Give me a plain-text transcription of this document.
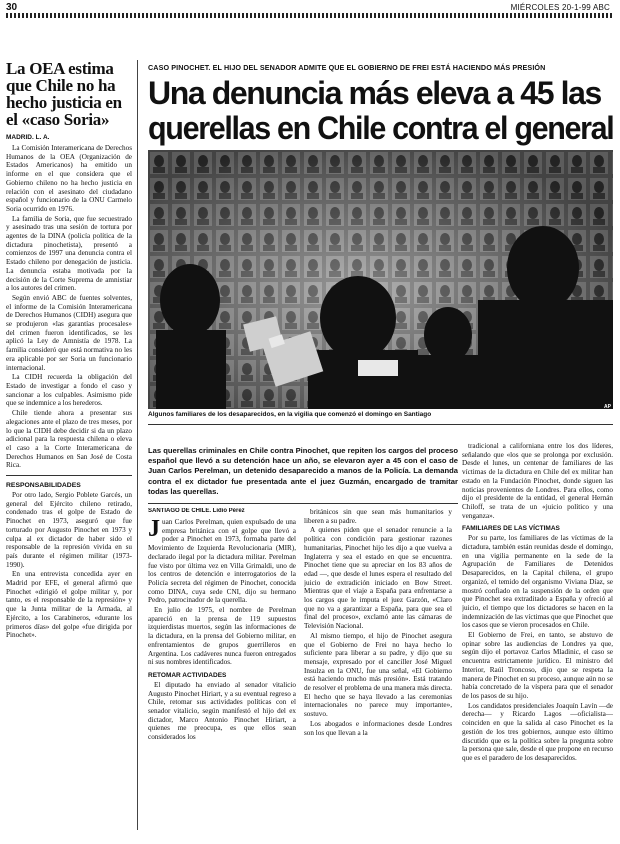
30	MIÉRCOLES 20-1-99 ABC
La OEA estima que Chile no ha hecho justicia en el «caso Soria»
MADRID. L. A.

La Comisión Interamericana de Derechos Humanos de la OEA (Organización de Estados Americanos) ha emitido un informe en el que considera que el Gobierno chileno no ha hecho justicia en relación con el asesinato del ciudadano español y funcionario de la ONU Carmelo Soria ocurrido en 1976.

La familia de Soria, que fue secuestrado y asesinado tras una sesión de tortura por agentes de la DINA (policía política de la dictadura pinochetista), presentó a comienzos de 1997 una denuncia contra el Estado chileno por denegación de justicia. La denuncia estaba motivada por la decisión de la Corte Suprema de amnistiar a los autores del crimen.

Según envió ABC de fuentes solventes, el informe de la Comisión Interamericana de Derechos Humanos (CIDH) asegura que se produjeron «las garantías procesales» del crimen fueron identificados, se les aplicó la Ley de Amnistía de 1978. La familia consideró que está normativa no les era aplicable por ser Soria un funcionario internacional.

La CIDH recuerda la obligación del Estado de investigar a fondo el caso y sancionar a los culpables. Asimismo pide que se indemnice a los herederos.

Chile tiende ahora a presentar sus alegaciones ante el plazo de tres meses, por lo que la CIDH debe decidir si da un plazo adicional para la respuesta chilena o eleva el caso a la Corte Interamericana de Derechos Humanos en San José de Costa Rica.

RESPONSABILIDADES

Por otro lado, Sergio Poblete Garcés, un general del Ejército chileno retirado, condenado tras el golpe de Estado de Pinochet en 1973, aseguró que fue torturado por Augusto Pinochet en 1973 y culpa al ex dictador de haber sido el responsable de la represión vivida en su país durante el régimen militar (1973-1990).

En una entrevista concedida ayer en Madrid por EFE, el general afirmó que Pinochet «dirigió el golpe militar y, por tanto, es el responsable de la represión» y que la Junta militar de la Armada, al Ejército, a los Carabineros, «durante los primeros días» del golpe «fue dirigida por Pinochet».

CASO PINOCHET. EL HIJO DEL SENADOR ADMITE QUE EL GOBIERNO DE FREI ESTÁ HACIENDO MÁS PRESIÓN
Una denuncia más eleva a 45 las
querellas en Chile contra el general
AP
Algunos familiares de los desaparecidos, en la vigilia que comenzó el domingo en Santiago
Las querellas criminales en Chile contra Pinochet, que repiten los cargos del proceso español que llevó a su detención hace un año, se elevaron ayer a 45 con el caso de Juan Carlos Perelman, un detenido desaparecido a manos de la Policía. La demanda contra el ex dictador fue presentada ante el juez Guzmán, encargado de tramitar todas las querellas.
SANTIAGO DE CHILE. Lidio Pérez

Juan Carlos Perelman, quien expulsado de una empresa británica con el golpe que llevó a poder a Pinochet en 1973, formaba parte del Movimiento de Izquierda Revolucionaria (MIR), declarado ilegal por la dictadura militar. Perelman fue visto por última vez en Villa Grimaldi, uno de los centros de detención e interrogatorios de la Policía secreta del régimen de Pinochet, conocida como DINA, cuya sede CNI, dijo su hermano Pedro, patrocinador de la querella.

En julio de 1975, el nombre de Perelman apareció en la prensa de 119 supuestos izquierdistas muertos, según las informaciones de la dictadura, en la prensa del Gobierno militar, en enfrentamientos de grupos guerrilleros en Argentina. Los cadáveres nunca fueron entregados ni sus nombres identificados.

RETOMAR ACTIVIDADES

El diputado ha enviado al senador vitalicio Augusto Pinochet Hiriart, y a su eventual regreso a Chile, retomar sus actividades políticas con el senador vitalicio, según manifestó el hijo del ex dictador, Marco Antonio Pinochet Hiriart, a quienes me preocupa, es que ellos sean considerados los

británicos sin que sean más humanitarios y liberen a su padre.

A quienes piden que el senador renuncie a la política con condición para gestionar razones humanitarias, Pinochet hijo les dijo a que vuelva a Inglaterra y sea el estado en que se encuentra. Pinochet tiene que su apreciar en los 83 años de edad —, que desde el lunes espera el resultado del juicio de extradición iniciado en Bow Street. Mientras que el viaje a España para enfrentarse a los cargos que le imputa el juez Garzón, «Claro que no va a garantizar a España, para que sea el final del proceso», exclamó ante las cámaras de Televisión Nacional.

Al mismo tiempo, el hijo de Pinochet asegura que el Gobierno de Frei no haya hecho lo suficiente para liberar a su padre, y dijo que su mensaje, expresado por el canciller José Miguel Insulza en la ONU, fue una señal, «El Gobierno está haciendo mucho más presión». Está tratando de resolver el problema de una manera más directa. El hecho que se haya llevado a las ceremonias internacionales no parece muy importante», sostuvo.

Los abogados e informaciones desde Londres son los que llevan a la

tradicional a californiana entre los dos líderes, señalando que «los que se prolonga por exclusión. Desde el lunes, un centenar de familiares de las víctimas de la dictadura en Chile del ex militar han estado en la Fundación Pinochet, donde siguen las noticias provenientes de Londres. Para ellos, como dijo el presidente de la entidad, el general Hernán Chiloff, se trata de un «juicio político y una venganza».

FAMILIARES DE LAS VÍCTIMAS

Por su parte, los familiares de las víctimas de la dictadura, también están reunidas desde el domingo, en una vigilia permanente en la sede de la Agrupación de Familiares de Detenidos Desaparecidos, en la Capital chilena, el grupo organizó, el temido del organismo Viviana Díaz, se mostró confiado en la suspensión de la orden que que Pinochet sea extraditado a España y ofreció al juicio, el tiempo que los dictadores se hacen en la indemnización de las víctimas que que Pinochet que los casos que se vieron procesados en Chile.

El Gobierno de Frei, en tanto, se abstuvo de opinar sobre las audiencias de Londres ya que, según dijo el portavoz Carlos Mladinic, el caso se encuentra estrictamente jurídico. El ministro del Interior, Raúl Troncoso, dijo que se respeta la manera de Pinochet en su proceso, aunque aún no se había concretado de la víspera para que el senador de los pasos de su hijo.

Los candidatos presidenciales Joaquín Lavín —de derecha— y Ricardo Lagos —oficialista— coinciden en que la salida al caso Pinochet es la gestión de los tres gobiernos, aunque esto último discutido que es la política sobre la pregunta sobre la persona que sale, desde el que propone en recurso que es el paradero de los desaparecidos.
